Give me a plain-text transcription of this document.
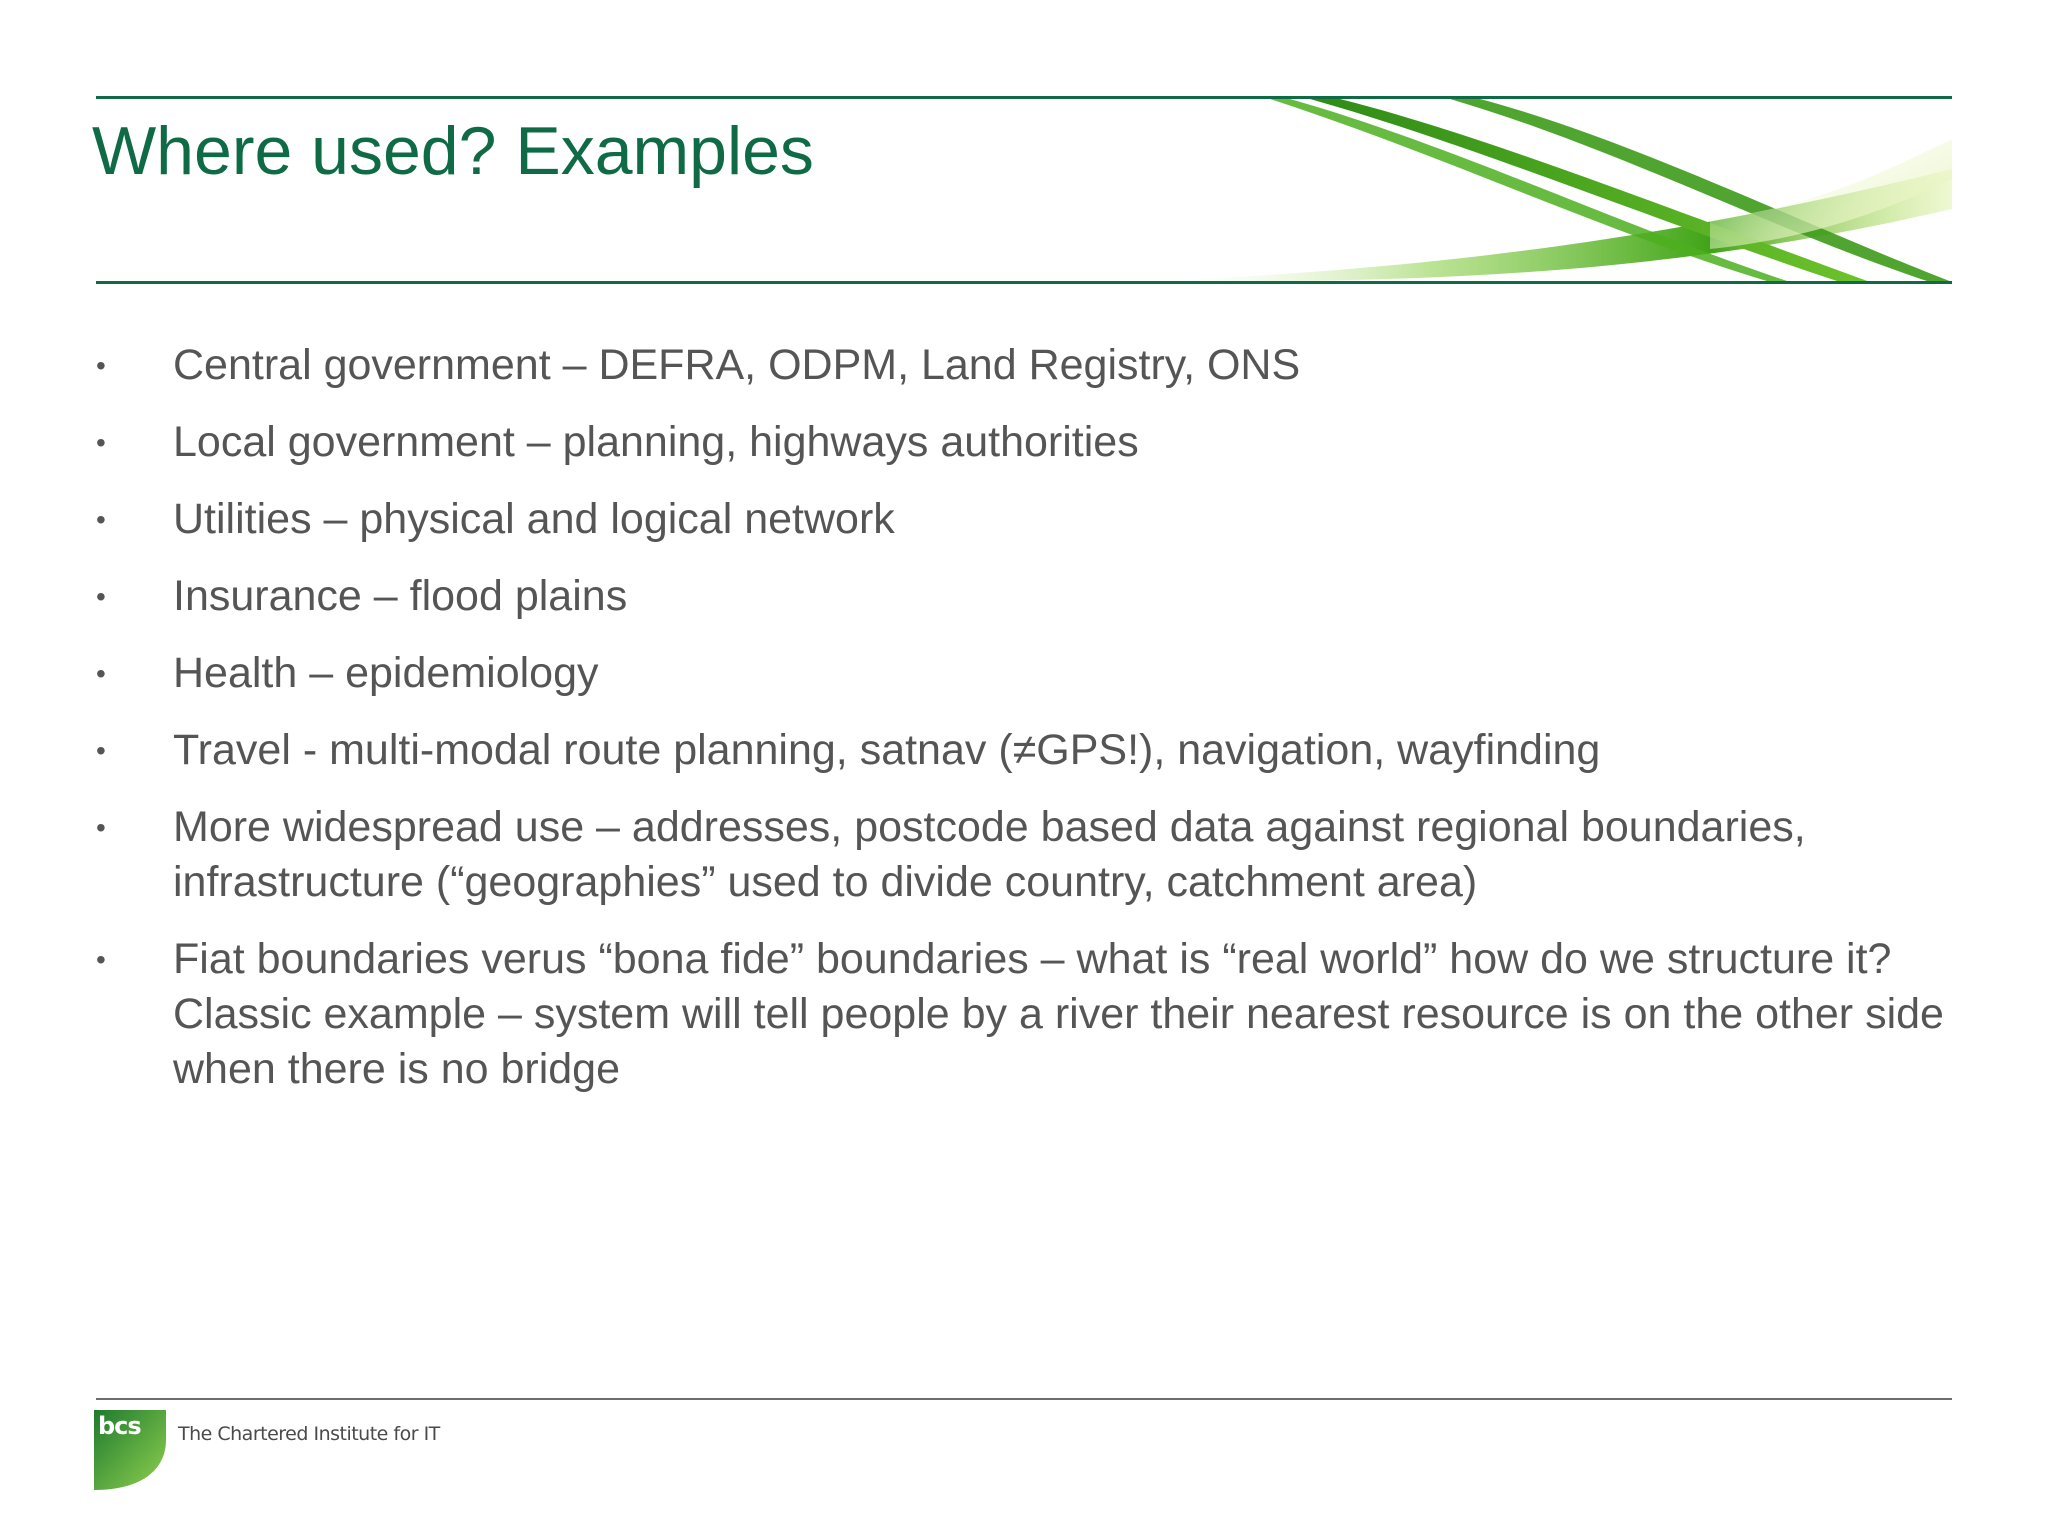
Where used? Examples
• Central government – DEFRA, ODPM, Land Registry, ONS
• Local government – planning, highways authorities
• Utilities – physical and logical network
• Insurance – flood plains
• Health – epidemiology
• Travel - multi-modal route planning, satnav (≠GPS!), navigation, wayfinding
• More widespread use – addresses, postcode based data against regional boundaries, infrastructure (“geographies” used to divide country, catchment area)
• Fiat boundaries verus “bona fide” boundaries – what is “real world” how do we structure it? Classic example – system will tell people by a river their nearest resource is on the other side when there is no bridge
bcs The Chartered Institute for IT
